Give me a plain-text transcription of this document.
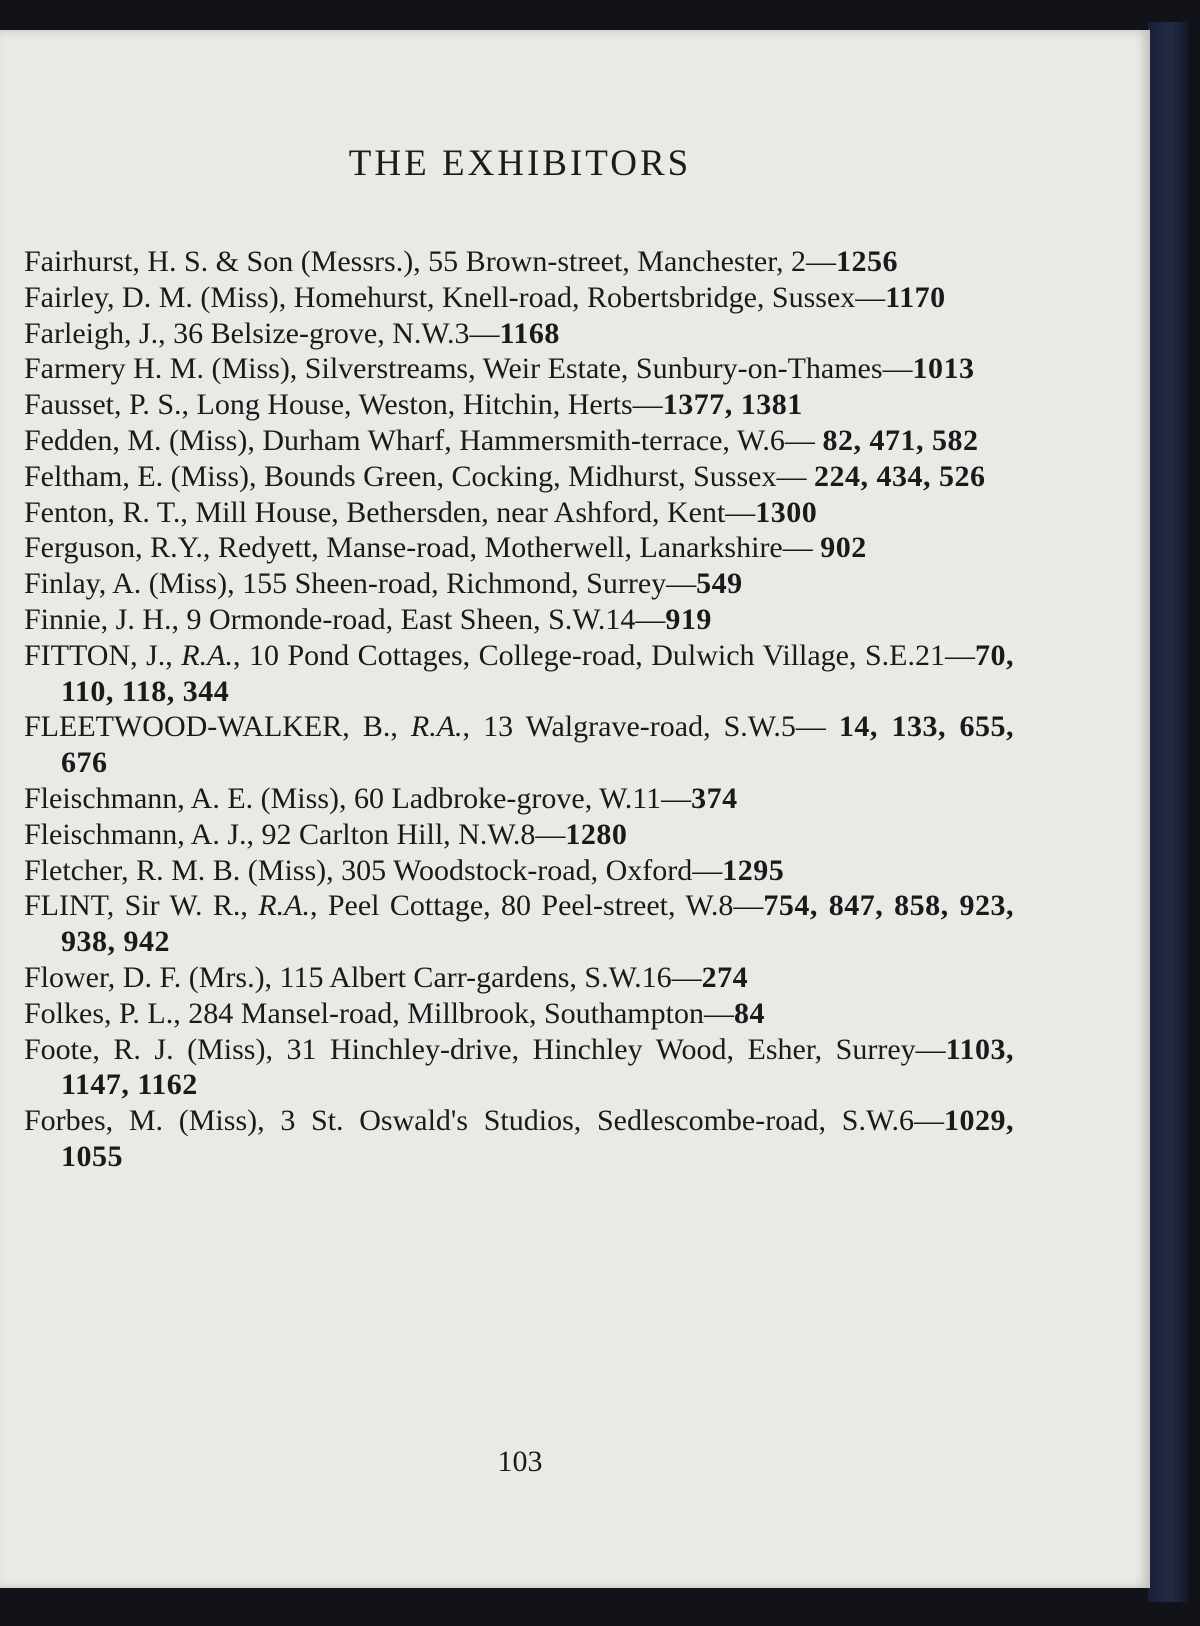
THE EXHIBITORS

Fairhurst, H. S. & Son (Messrs.), 55 Brown-street, Manchester, 2—1256

Fairley, D. M. (Miss), Homehurst, Knell-road, Robertsbridge, Sussex—1170

Farleigh, J., 36 Belsize-grove, N.W.3—1168

Farmery H. M. (Miss), Silverstreams, Weir Estate, Sunbury-on-Thames—1013

Fausset, P. S., Long House, Weston, Hitchin, Herts—1377, 1381

Fedden, M. (Miss), Durham Wharf, Hammersmith-terrace, W.6— 82, 471, 582

Feltham, E. (Miss), Bounds Green, Cocking, Midhurst, Sussex— 224, 434, 526

Fenton, R. T., Mill House, Bethersden, near Ashford, Kent—1300

Ferguson, R.Y., Redyett, Manse-road, Motherwell, Lanarkshire— 902

Finlay, A. (Miss), 155 Sheen-road, Richmond, Surrey—549

Finnie, J. H., 9 Ormonde-road, East Sheen, S.W.14—919

FITTON, J., R.A., 10 Pond Cottages, College-road, Dulwich Village, S.E.21—70, 110, 118, 344

FLEETWOOD-WALKER, B., R.A., 13 Walgrave-road, S.W.5— 14, 133, 655, 676

Fleischmann, A. E. (Miss), 60 Ladbroke-grove, W.11—374

Fleischmann, A. J., 92 Carlton Hill, N.W.8—1280

Fletcher, R. M. B. (Miss), 305 Woodstock-road, Oxford—1295

FLINT, Sir W. R., R.A., Peel Cottage, 80 Peel-street, W.8—754, 847, 858, 923, 938, 942

Flower, D. F. (Mrs.), 115 Albert Carr-gardens, S.W.16—274

Folkes, P. L., 284 Mansel-road, Millbrook, Southampton—84

Foote, R. J. (Miss), 31 Hinchley-drive, Hinchley Wood, Esher, Surrey—1103, 1147, 1162

Forbes, M. (Miss), 3 St. Oswald's Studios, Sedlescombe-road, S.W.6—1029, 1055

103
